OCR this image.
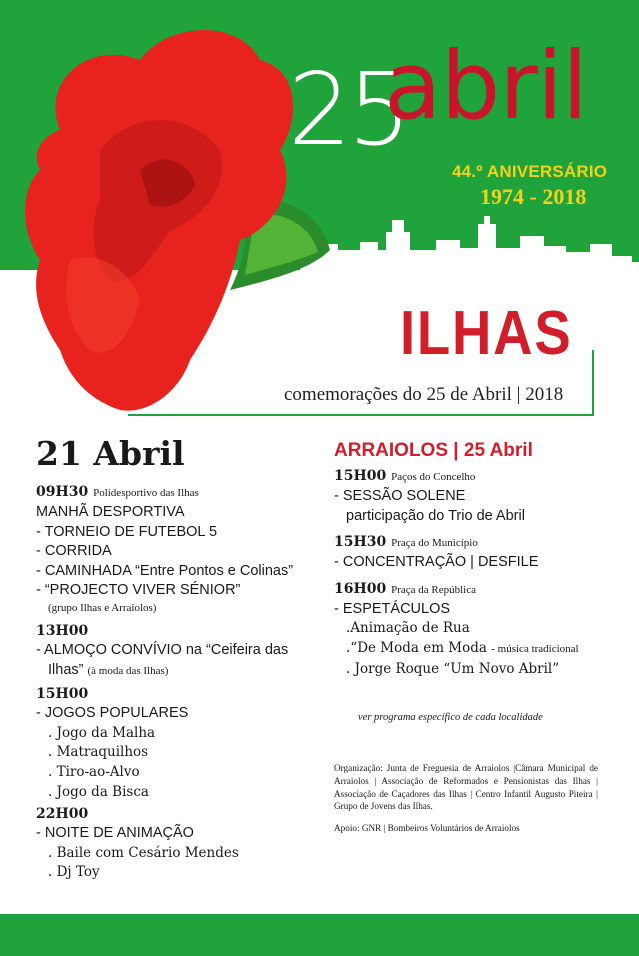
25
abril
44.º ANIVERSÁRIO
1974 - 2018
ILHAS
comemorações do 25 de Abril | 2018
21 Abril
09H30 Polidesportivo das Ilhas
MANHÃ DESPORTIVA
- TORNEIO DE FUTEBOL 5
- CORRIDA
- CAMINHADA “Entre Pontos e Colinas”
- “PROJECTO VIVER SÉNIOR”
(grupo Ilhas e Arraiolos)
13H00
- ALMOÇO CONVÍVIO na “Ceifeira das
Ilhas” (à moda das Ilhas)
15H00
- JOGOS POPULARES
. Jogo da Malha
. Matraquilhos
. Tiro-ao-Alvo
. Jogo da Bisca
22H00
- NOITE DE ANIMAÇÃO
. Baile com Cesário Mendes
. Dj Toy
ARRAIOLOS | 25 Abril
15H00 Paços do Concelho
- SESSÃO SOLENE
participação do Trio de Abril
15H30 Praça do Município
- CONCENTRAÇÃO | DESFILE
16H00 Praça da República
- ESPETÁCULOS
.Animação de Rua
.“De Moda em Moda - música tradicional
. Jorge Roque “Um Novo Abril”
ver programa específico de cada localidade
Organização: Junta de Freguesia de Arraiolos |Câmara Municipal de Arraiolos | Associação de Reformados e Pensionistas das Ilhas | Associação de Caçadores das Ilhas | Centro Infantil Augusto Piteira | Grupo de Jovens das Ilhas.
Apoio: GNR | Bombeiros Voluntários de Arraiolos
